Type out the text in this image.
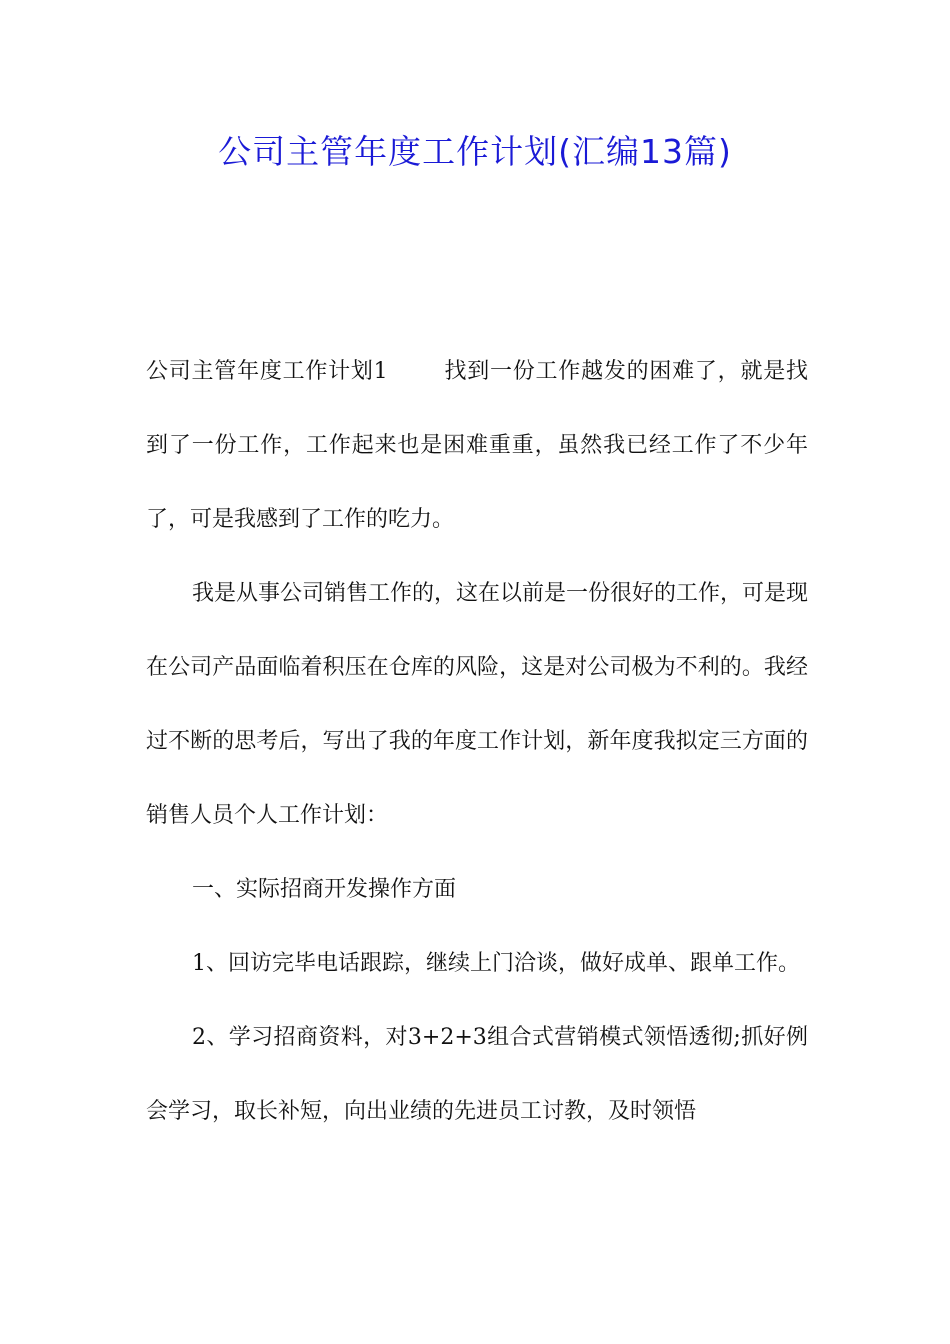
公司主管年度工作计划(汇编13篇)

公司主管年度工作计划1	找到一份工作越发的困难了，就是找到了一份工作，工作起来也是困难重重，虽然我已经工作了不少年了，可是我感到了工作的吃力。

我是从事公司销售工作的，这在以前是一份很好的工作，可是现在公司产品面临着积压在仓库的风险，这是对公司极为不利的。我经过不断的思考后，写出了我的年度工作计划，新年度我拟定三方面的销售人员个人工作计划：

一、实际招商开发操作方面

1、回访完毕电话跟踪，继续上门洽谈，做好成单、跟单工作。

2、学习招商资料，对3+2+3组合式营销模式领悟透彻;抓好例会学习，取长补短，向出业绩的先进员工讨教，及时领悟
